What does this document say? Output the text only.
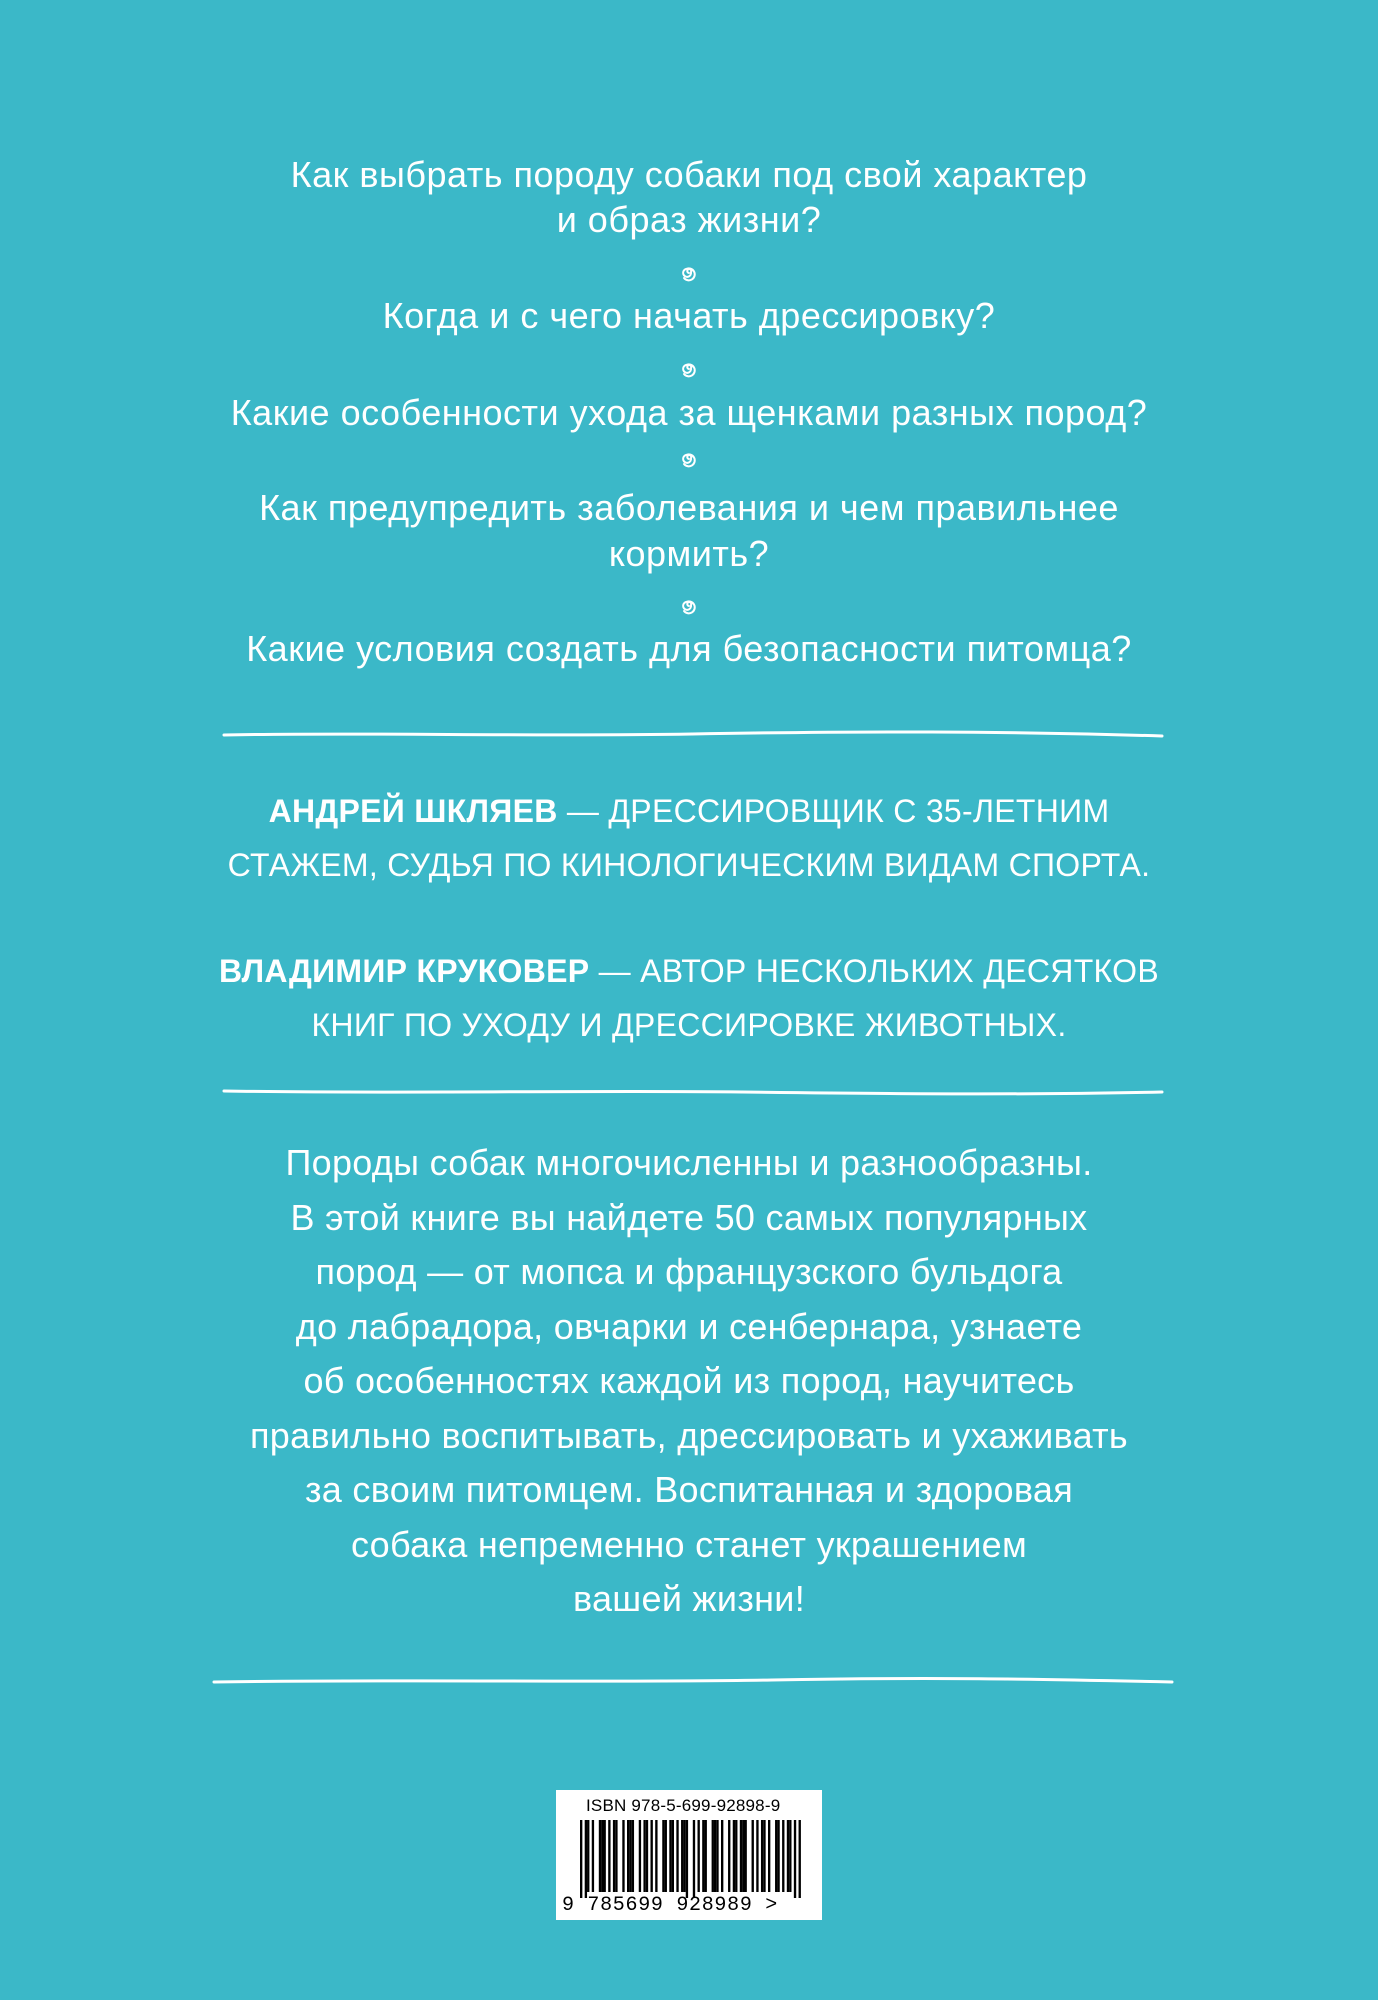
Как выбрать породу собаки под свой характер
и образ жизни?
Когда и с чего начать дрессировку?
Какие особенности ухода за щенками разных пород?
Как предупредить заболевания и чем правильнее
кормить?
Какие условия создать для безопасности питомца?
АНДРЕЙ ШКЛЯЕВ — ДРЕССИРОВЩИК С 35-ЛЕТНИМ
СТАЖЕМ, СУДЬЯ ПО КИНОЛОГИЧЕСКИМ ВИДАМ СПОРТА.
ВЛАДИМИР КРУКОВЕР — АВТОР НЕСКОЛЬКИХ ДЕСЯТКОВ
КНИГ ПО УХОДУ И ДРЕССИРОВКЕ ЖИВОТНЫХ.
Породы собак многочисленны и разнообразны.
В этой книге вы найдете 50 самых популярных
пород — от мопса и французского бульдога
до лабрадора, овчарки и сенбернара, узнаете
об особенностях каждой из пород, научитесь
правильно воспитывать, дрессировать и ухаживать
за своим питомцем. Воспитанная и здоровая
собака непременно станет украшением
вашей жизни!
ISBN 978-5-699-92898-9
9 785699 928989 >
